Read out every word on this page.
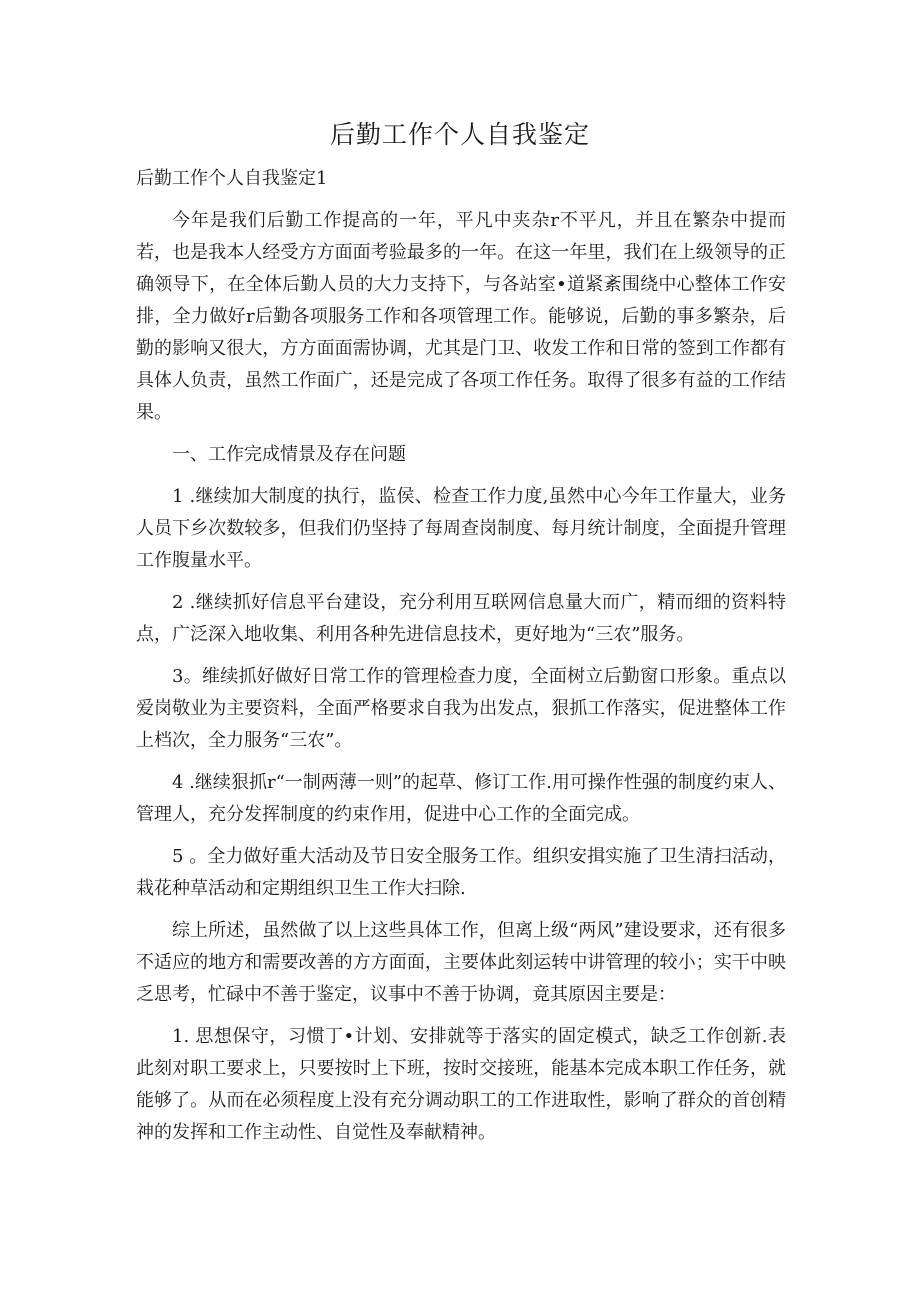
后勤工作个人自我鉴定

后勤工作个人自我鉴定1

今年是我们后勤工作提高的一年，平凡中夹杂r不平凡，并且在繁杂中提而若，也是我本人经受方方面面考验最多的一年。在这一年里，我们在上级领导的正确领导下，在全体后勤人员的大力支持下，与各站室•道紧紊围绕中心整体工作安排，全力做好r后勤各项服务工作和各项管理工作。能够说，后勤的事多繁杂，后勤的影响又很大，方方面面需协调，尤其是门卫、收发工作和日常的签到工作都有具体人负责，虽然工作面广，还是完成了各项工作任务。取得了很多有益的工作结果。

一、工作完成情景及存在问题

1 .继续加大制度的执行，监侯、检查工作力度,虽然中心今年工作量大，业务人员下乡次数较多，但我们仍坚持了每周查岗制度、每月统计制度，全面提升管理工作腹量水平。

2 .继续抓好信息平台建设，充分利用互联网信息量大而广，精而细的资料特点，广泛深入地收集、利用各种先进信息技术，更好地为“三农”服务。

3。维续抓好做好日常工作的管理检查力度，全面树立后勤窗口形象。重点以爱岗敬业为主要资料，全面严格要求自我为出发点，狠抓工作落实，促进整体工作上档次，全力服务“三农”。

4 .继续狠抓r“一制两薄一则”的起草、修订工作.用可操作性强的制度约束人、管理人，充分发挥制度的约束作用，促进中心工作的全面完成。

5 。全力做好重大活动及节日安全服务工作。组织安揖实施了卫生清扫活动，栽花种草活动和定期组织卫生工作大扫除.

综上所述，虽然做了以上这些具体工作，但离上级“两风”建设要求，还有很多不适应的地方和需要改善的方方面面，主要体此刻运转中讲管理的较小；实干中映乏思考，忙碌中不善于鉴定，议事中不善于协调，竟其原因主要是：

1. 思想保守，习惯丁•计划、安排就等于落实的固定模式，缺乏工作创新.表此刻对职工要求上，只要按时上下班，按时交接班，能基本完成本职工作任务，就能够了。从而在必须程度上没有充分调动职工的工作进取性，影响了群众的首创精神的发挥和工作主动性、自觉性及奉献精神。
